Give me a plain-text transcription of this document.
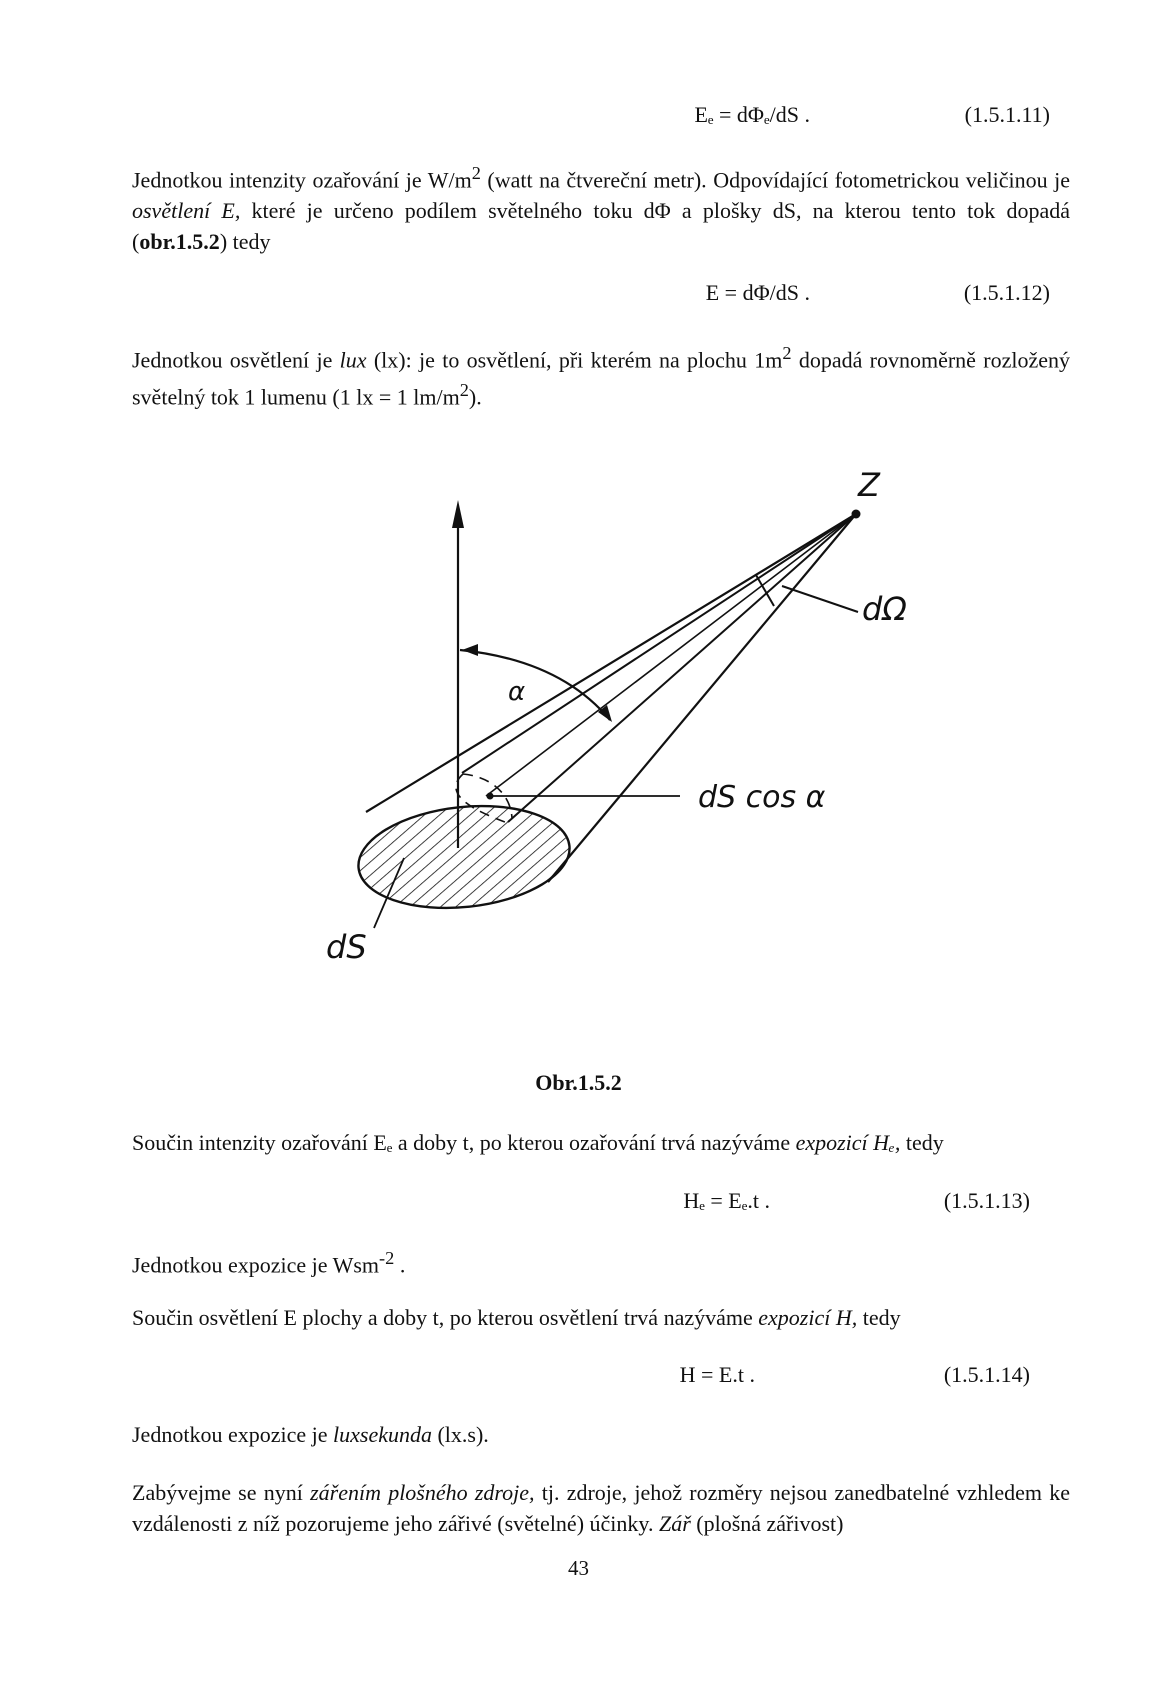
Eₑ = dΦₑ/dS .	(1.5.1.11)
Jednotkou intenzity ozařování je $W/m^2$ (watt na čtvereční metr). Odpovídající fotometrickou veličinou je osvětlení E, které je určeno podílem světelného toku dΦ a plošky dS, na kterou tento tok dopadá (obr.1.5.2) tedy
E = dΦ/dS .	(1.5.1.12)
Jednotkou osvětlení je lux (lx): je to osvětlení, při kterém na plochu $1m^2$ dopadá rovnoměrně rozložený světelný tok 1 lumenu (1 lx = 1 $lm/m^2$).
Z
dΩ
α
dS cos α
dS
Obr.1.5.2
Součin intenzity ozařování Eₑ a doby t, po kterou ozařování trvá nazýváme expozicí Hₑ, tedy
Hₑ = Eₑ.t .	(1.5.1.13)
Jednotkou expozice je Wsm$^{-2}$ .
Součin osvětlení E plochy a doby t, po kterou osvětlení trvá nazýváme expozicí H, tedy
H = E.t .	(1.5.1.14)
Jednotkou expozice je luxsekunda (lx.s).
Zabývejme se nyní zářením plošného zdroje, tj. zdroje, jehož rozměry nejsou zanedbatelné vzhledem ke vzdálenosti z níž pozorujeme jeho zářivé (světelné) účinky. Zář (plošná zářivost)
43
